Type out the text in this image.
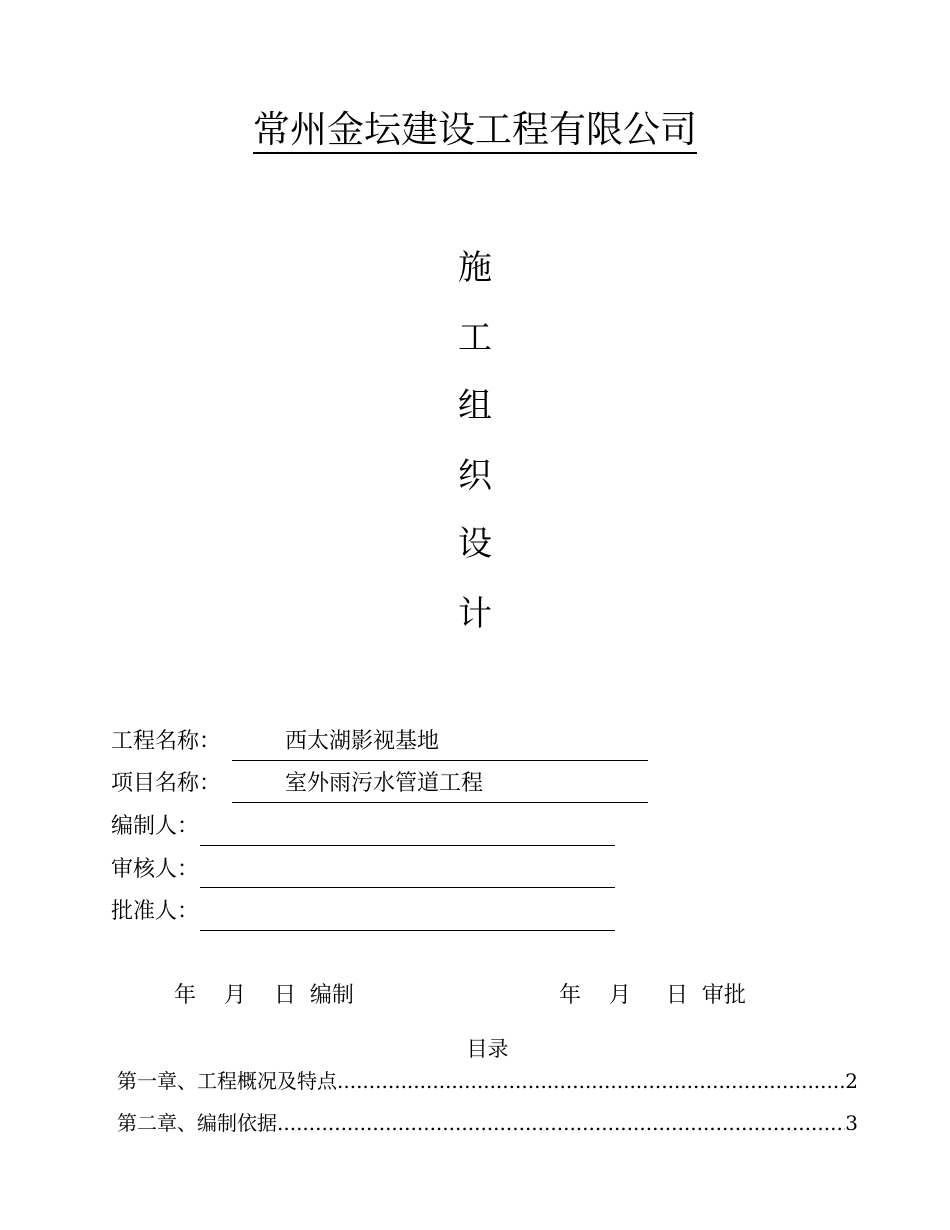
常州金坛建设工程有限公司
施
工
组
织
设
计
工程名称：	西太湖影视基地
项目名称：	室外雨污水管道工程
编制人：
审核人：
批准人：
年    月    日  编制	年    月     日  审批
目录
第一章、工程概况及特点 .....	2
第二章、编制依据 .....	3
